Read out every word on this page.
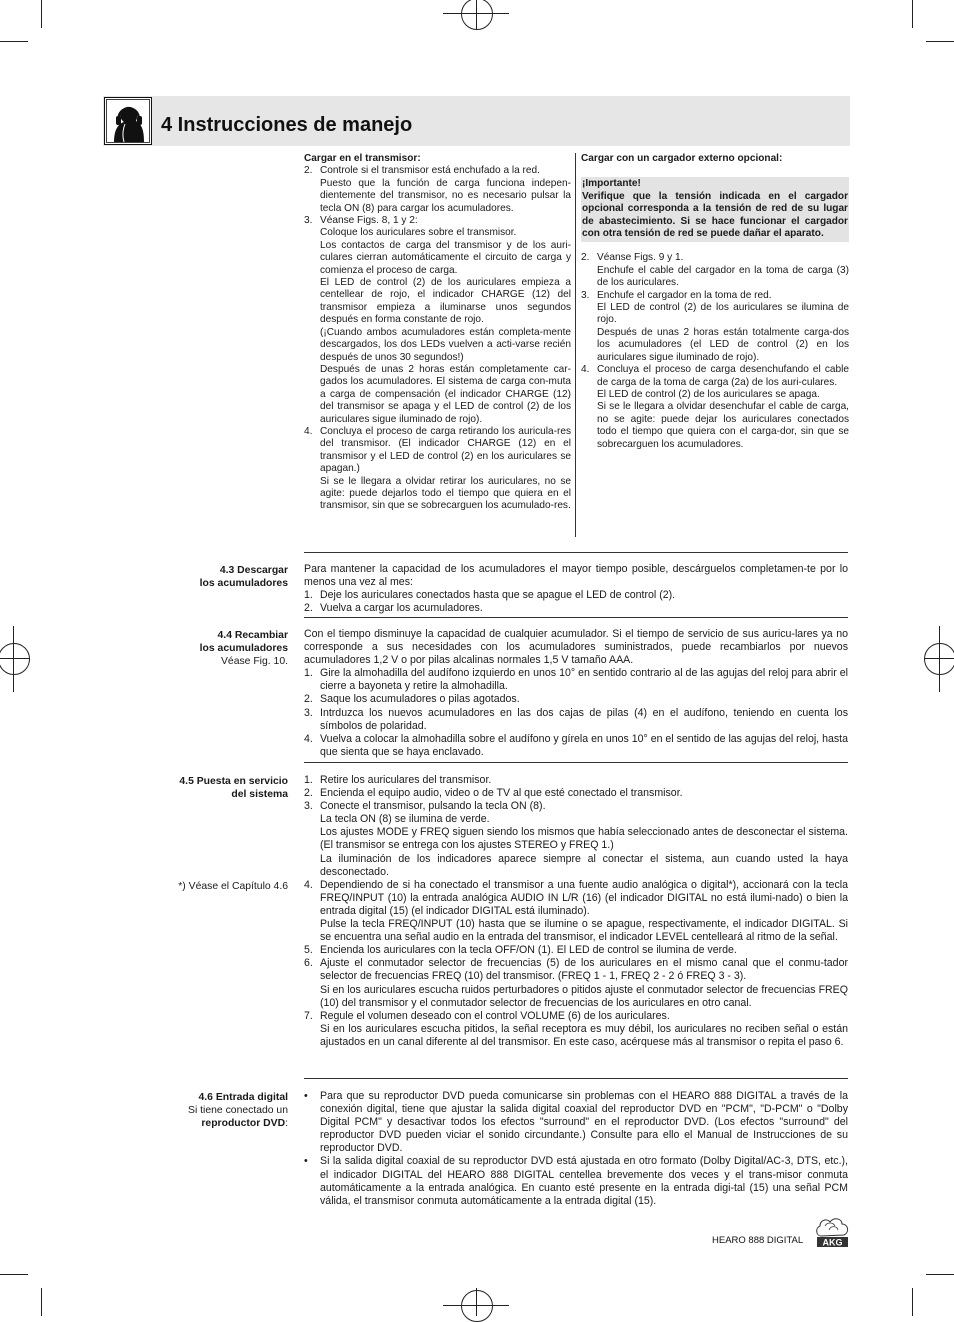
4 Instrucciones de manejo
Cargar en el transmisor:
2. Controle si el transmisor está enchufado a la red.
Puesto que la función de carga funciona indepen-dientemente del transmisor, no es necesario pulsar la tecla ON (8) para cargar los acumuladores.
3. Véanse Figs. 8, 1 y 2:
Coloque los auriculares sobre el transmisor.
Los contactos de carga del transmisor y de los auri-culares cierran automáticamente el circuito de carga y comienza el proceso de carga.
El LED de control (2) de los auriculares empieza a centellear de rojo, el indicador CHARGE (12) del transmisor empieza a iluminarse unos segundos después en forma constante de rojo.
(¡Cuando ambos acumuladores están completa-mente descargados, los dos LEDs vuelven a acti-varse recién después de unos 30 segundos!)
Después de unas 2 horas están completamente car-gados los acumuladores. El sistema de carga con-muta a carga de compensación (el indicador CHARGE (12) del transmisor se apaga y el LED de control (2) de los auriculares sigue iluminado de rojo).
4. Concluya el proceso de carga retirando los auricula-res del transmisor. (El indicador CHARGE (12) en el transmisor y el LED de control (2) en los auriculares se apagan.)
Si se le llegara a olvidar retirar los auriculares, no se agite: puede dejarlos todo el tiempo que quiera en el transmisor, sin que se sobrecarguen los acumulado-res.
Cargar con un cargador externo opcional:
¡Importante!
Verifique que la tensión indicada en el cargador opcional corresponda a la tensión de red de su lugar de abastecimiento. Si se hace funcionar el cargador con otra tensión de red se puede dañar el aparato.
2. Véanse Figs. 9 y 1.
Enchufe el cable del cargador en la toma de carga (3) de los auriculares.
3. Enchufe el cargador en la toma de red.
El LED de control (2) de los auriculares se ilumina de rojo.
Después de unas 2 horas están totalmente carga-dos los acumuladores (el LED de control (2) en los auriculares sigue iluminado de rojo).
4. Concluya el proceso de carga desenchufando el cable de carga de la toma de carga (2a) de los auri-culares.
El LED de control (2) de los auriculares se apaga.
Si se le llegara a olvidar desenchufar el cable de carga, no se agite: puede dejar los auriculares conectados todo el tiempo que quiera con el carga-dor, sin que se sobrecarguen los acumuladores.
4.3 Descargar
los acumuladores
Para mantener la capacidad de los acumuladores el mayor tiempo posible, descárguelos completamen-te por lo menos una vez al mes:
1. Deje los auriculares conectados hasta que se apague el LED de control (2).
2. Vuelva a cargar los acumuladores.
4.4 Recambiar
los acumuladores
Véase Fig. 10.
Con el tiempo disminuye la capacidad de cualquier acumulador. Si el tiempo de servicio de sus auricu-lares ya no corresponde a sus necesidades con los acumuladores suministrados, puede recambiarlos por nuevos acumuladores 1,2 V o por pilas alcalinas normales 1,5 V tamaño AAA.
1. Gire la almohadilla del audífono izquierdo en unos 10° en sentido contrario al de las agujas del reloj para abrir el cierre a bayoneta y retire la almohadilla.
2. Saque los acumuladores o pilas agotados.
3. Intrduzca los nuevos acumuladores en las dos cajas de pilas (4) en el audífono, teniendo en cuenta los símbolos de polaridad.
4. Vuelva a colocar la almohadilla sobre el audífono y gírela en unos 10° en el sentido de las agujas del reloj, hasta que sienta que se haya enclavado.
4.5 Puesta en servicio
del sistema
*) Véase el Capítulo 4.6
1. Retire los auriculares del transmisor.
2. Encienda el equipo audio, video o de TV al que esté conectado el transmisor.
3. Conecte el transmisor, pulsando la tecla ON (8).
La tecla ON (8) se ilumina de verde.
Los ajustes MODE y FREQ siguen siendo los mismos que había seleccionado antes de desconectar el sistema. (El transmisor se entrega con los ajustes STEREO y FREQ 1.)
La iluminación de los indicadores aparece siempre al conectar el sistema, aun cuando usted la haya desconectado.
4. Dependiendo de si ha conectado el transmisor a una fuente audio analógica o digital*), accionará con la tecla FREQ/INPUT (10) la entrada analógica AUDIO IN L/R (16) (el indicador DIGITAL no está ilumi-nado) o bien la entrada digital (15) (el indicador DIGITAL está iluminado).
Pulse la tecla FREQ/INPUT (10) hasta que se ilumine o se apague, respectivamente, el indicador DIGITAL. Si se encuentra una señal audio en la entrada del transmisor, el indicador LEVEL centelleará al ritmo de la señal.
5. Encienda los auriculares con la tecla OFF/ON (1). El LED de control se ilumina de verde.
6. Ajuste el conmutador selector de frecuencias (5) de los auriculares en el mismo canal que el conmu-tador selector de frecuencias FREQ (10) del transmisor. (FREQ 1 - 1, FREQ 2 - 2 ó FREQ 3 - 3).
Si en los auriculares escucha ruidos perturbadores o pitidos ajuste el conmutador selector de frecuencias FREQ (10) del transmisor y el conmutador selector de frecuencias de los auriculares en otro canal.
7. Regule el volumen deseado con el control VOLUME (6) de los auriculares.
Si en los auriculares escucha pitidos, la señal receptora es muy débil, los auriculares no reciben señal o están ajustados en un canal diferente al del transmisor. En este caso, acérquese más al transmisor o repita el paso 6.
4.6 Entrada digital
Si tiene conectado un
reproductor DVD:
• Para que su reproductor DVD pueda comunicarse sin problemas con el HEARO 888 DIGITAL a través de la conexión digital, tiene que ajustar la salida digital coaxial del reproductor DVD en "PCM", "D-PCM" o "Dolby Digital PCM" y desactivar todos los efectos "surround" en el reproductor DVD. (Los efectos "surround" del reproductor DVD pueden viciar el sonido circundante.) Consulte para ello el Manual de Instrucciones de su reproductor DVD.
• Si la salida digital coaxial de su reproductor DVD está ajustada en otro formato (Dolby Digital/AC-3, DTS, etc.), el indicador DIGITAL del HEARO 888 DIGITAL centellea brevemente dos veces y el trans-misor conmuta automáticamente a la entrada analógica. En cuanto esté presente en la entrada digi-tal (15) una señal PCM válida, el transmisor conmuta automáticamente a la entrada digital (15).
HEARO 888 DIGITAL AKG
